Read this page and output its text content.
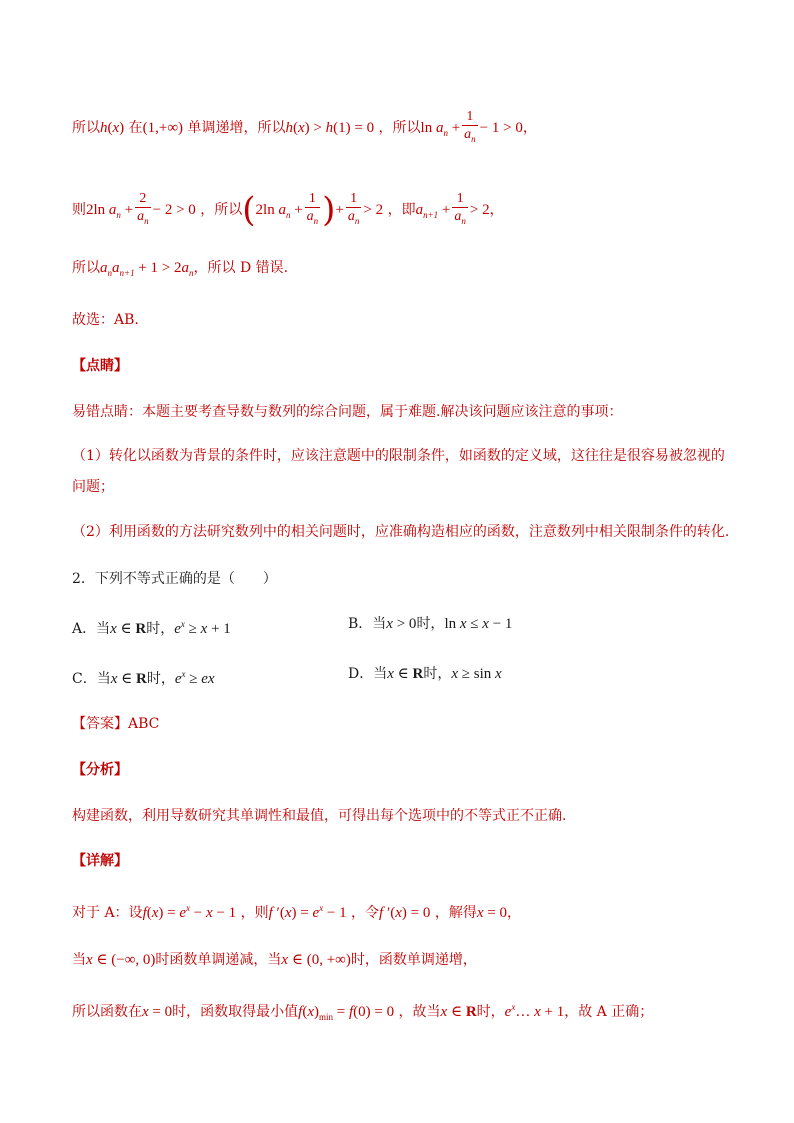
所以h(x) 在(1,+∞) 单调递增，所以h(x) > h(1) = 0 ，所以$\ln a_n + \frac{1}{a_n} - 1 > 0$，
则2ln $a_n + \frac{2}{a_n} - 2 > 0$ ，所以(2ln $a_n + \frac{1}{a_n}$ )+ $\frac{1}{a_n} > 2$ ，即$a_{n+1} + \frac{1}{a_n} > 2$，
所以$a_na_{n+1} + 1 > 2a_n$，所以 D 错误.
故选：AB.
【点睛】
易错点睛：本题主要考查导数与数列的综合问题，属于难题.解决该问题应该注意的事项：
（1）转化以函数为背景的条件时，应该注意题中的限制条件，如函数的定义域，这往往是很容易被忽视的
问题；
（2）利用函数的方法研究数列中的相关问题时，应准确构造相应的函数，注意数列中相关限制条件的转化.
2．下列不等式正确的是（　　）
A．当x ∈ R时，$e^x \ge x + 1$	B．当x > 0时，ln x ≤ x − 1
C．当x ∈ R时，$e^x$ ≥ ex	D．当x ∈ R时，x ≥ sin x
【答案】ABC
【分析】
构建函数，利用导数研究其单调性和最值，可得出每个选项中的不等式正不正确.
【详解】
对于 A：设$f(x) = e^x - x - 1$ ，则f $'(x) = e^x - 1$ ，令f ′(x) = 0 ，解得x = 0，
当x ∈ (−∞, 0)时函数单调递减，当x ∈ (0, +∞)时，函数单调递增，
所以函数在x = 0时，函数取得最小值$f(x)_{min} = f(0) = 0$ ，故当x ∈ R时，$e^x\dots$ x + 1，故 A 正确；
